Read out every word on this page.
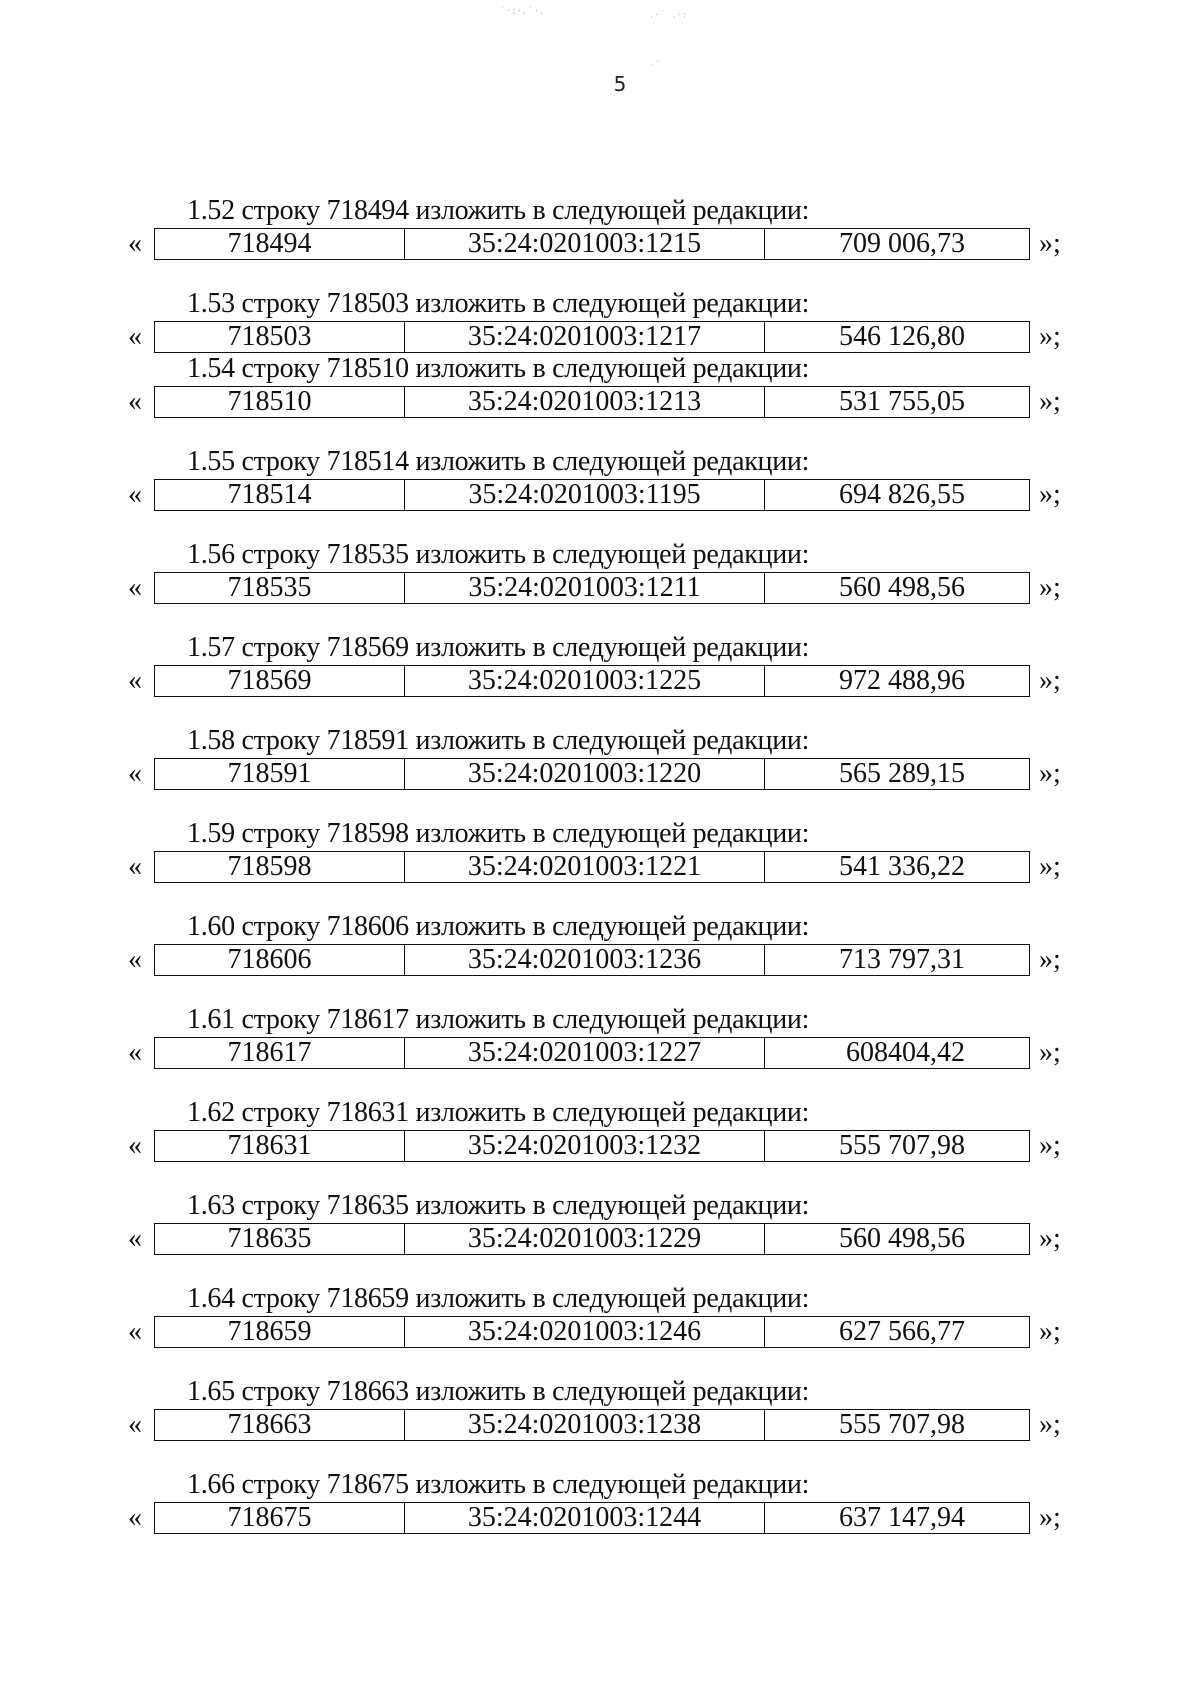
˙·:·.˙·.	.·˙ .·:
·˙
5
1.52 строку 718494 изложить в следующей редакции:
«	718494	35:24:0201003:1215	709 006,73	»;
1.53 строку 718503 изложить в следующей редакции:
«	718503	35:24:0201003:1217	546 126,80	»;
1.54 строку 718510 изложить в следующей редакции:
«	718510	35:24:0201003:1213	531 755,05	»;
1.55 строку 718514 изложить в следующей редакции:
«	718514	35:24:0201003:1195	694 826,55	»;
1.56 строку 718535 изложить в следующей редакции:
«	718535	35:24:0201003:1211	560 498,56	»;
1.57 строку 718569 изложить в следующей редакции:
«	718569	35:24:0201003:1225	972 488,96	»;
1.58 строку 718591 изложить в следующей редакции:
«	718591	35:24:0201003:1220	565 289,15	»;
1.59 строку 718598 изложить в следующей редакции:
«	718598	35:24:0201003:1221	541 336,22	»;
1.60 строку 718606 изложить в следующей редакции:
«	718606	35:24:0201003:1236	713 797,31	»;
1.61 строку 718617 изложить в следующей редакции:
«	718617	35:24:0201003:1227	608404,42	»;
1.62 строку 718631 изложить в следующей редакции:
«	718631	35:24:0201003:1232	555 707,98	»;
1.63 строку 718635 изложить в следующей редакции:
«	718635	35:24:0201003:1229	560 498,56	»;
1.64 строку 718659 изложить в следующей редакции:
«	718659	35:24:0201003:1246	627 566,77	»;
1.65 строку 718663 изложить в следующей редакции:
«	718663	35:24:0201003:1238	555 707,98	»;
1.66 строку 718675 изложить в следующей редакции:
«	718675	35:24:0201003:1244	637 147,94	»;
